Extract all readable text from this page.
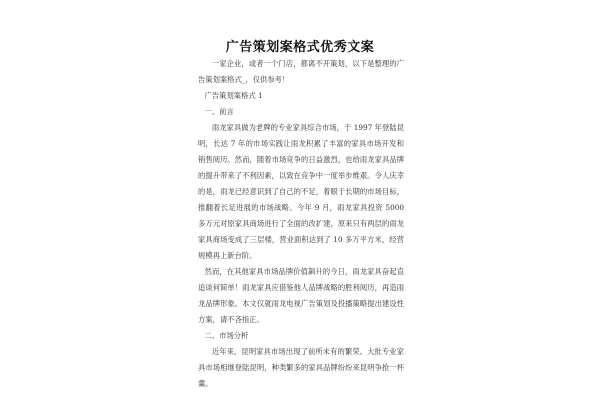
广告策划案格式优秀文案

一家企业，或者一个门店，都离不开策划，以下是整理的广告策划案格式_，仅供参考！

广告策划案格式 1

一、前言

雨龙家具做为老牌的专业家具综合市场，于 1997 年登陆昆明，长达 7 年的市场实践让雨龙积累了丰富的家具市场开发和销售阅历。然而，随着市场竞争的日益激烈，也给雨龙家具品牌的提升带来了不利因素，以致在竞争中一度举步维艰。令人庆幸的是，雨龙已经意识到了自己的不足，着眼于长期的市场目标，推翻着长足进展的市场战略。今年 9 月，雨龙家具投资 5000 多万元对原家具商场进行了全面的改扩建，原来只有两层的雨龙家具商场变成了三层楼，营业面积达到了 10 多万平方米，经营规模再上新台阶。

然而，在其他家具市场品牌价值飙升的今日，雨龙家具奋起直追谈何简单！雨龙家具应借鉴他人品牌战略的胜利阅历，再造雨龙品牌形象。本文仅就雨龙电视广告策划及投播策略提出建设性方案，请不吝指正。

二、市场分析

近年来，昆明家具市场出现了前所未有的繁荣。大批专业家具市场相继登陆昆明，种类繁多的家具品牌纷纷来昆明争抢一杯羹。
